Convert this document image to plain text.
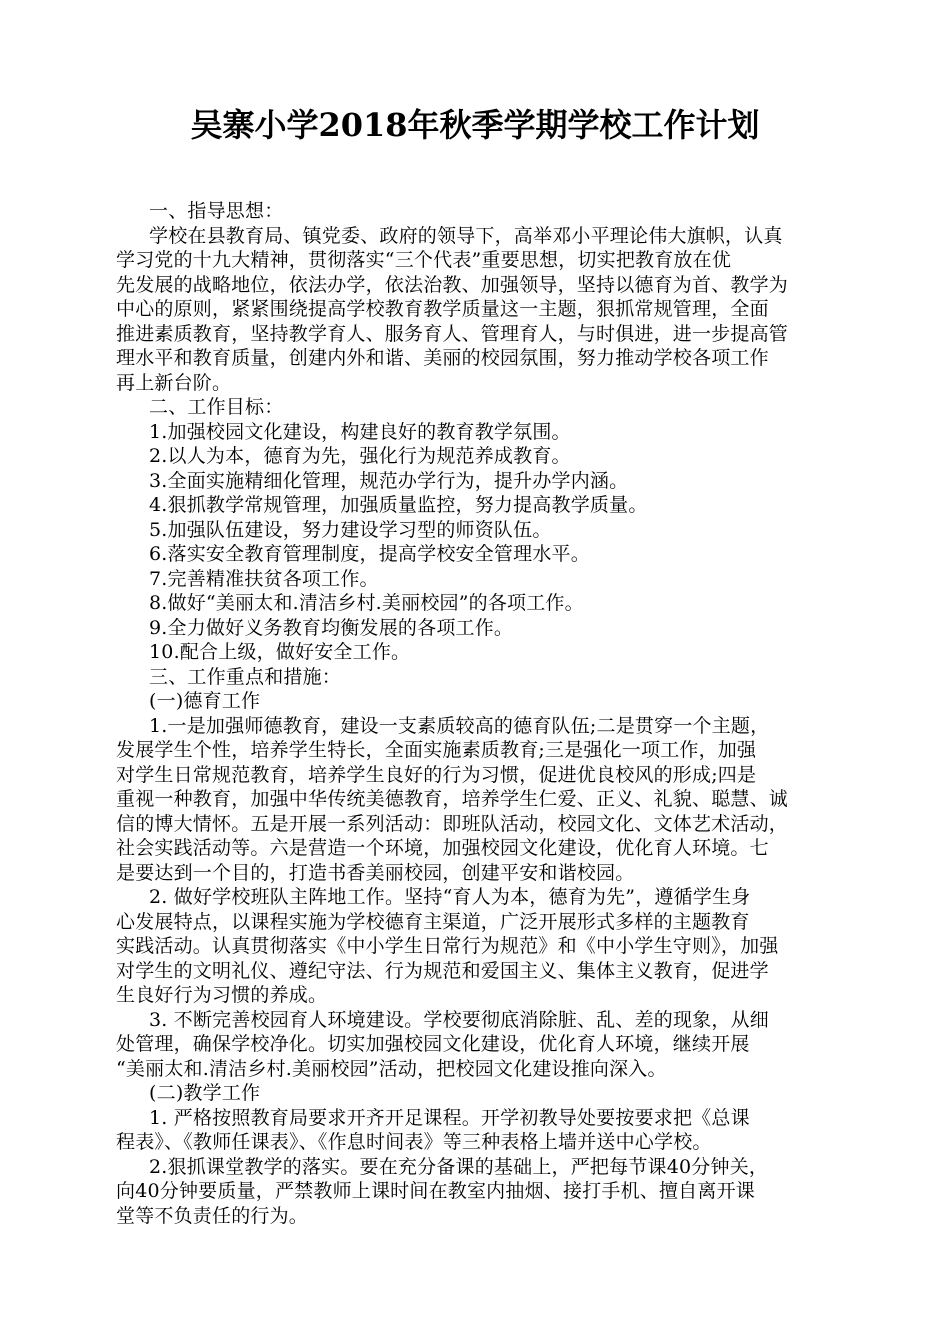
吴寨小学2018年秋季学期学校工作计划
一、指导思想：
学校在县教育局、镇党委、政府的领导下，高举邓小平理论伟大旗帜，认真
学习党的十九大精神，贯彻落实“三个代表”重要思想，切实把教育放在优
先发展的战略地位，依法办学，依法治教、加强领导，坚持以德育为首、教学为
中心的原则，紧紧围绕提高学校教育教学质量这一主题，狠抓常规管理，全面
推进素质教育，坚持教学育人、服务育人、管理育人，与时俱进，进一步提高管
理水平和教育质量，创建内外和谐、美丽的校园氛围，努力推动学校各项工作
再上新台阶。
二、工作目标：
1.加强校园文化建设，构建良好的教育教学氛围。
2.以人为本，德育为先，强化行为规范养成教育。
3.全面实施精细化管理，规范办学行为，提升办学内涵。
4.狠抓教学常规管理，加强质量监控，努力提高教学质量。
5.加强队伍建设，努力建设学习型的师资队伍。
6.落实安全教育管理制度，提高学校安全管理水平。
7.完善精准扶贫各项工作。
8.做好“美丽太和.清洁乡村.美丽校园”的各项工作。
9.全力做好义务教育均衡发展的各项工作。
10.配合上级，做好安全工作。
三、工作重点和措施：
(一)德育工作
1.一是加强师德教育，建设一支素质较高的德育队伍;二是贯穿一个主题，
发展学生个性，培养学生特长，全面实施素质教育;三是强化一项工作，加强
对学生日常规范教育，培养学生良好的行为习惯，促进优良校风的形成;四是
重视一种教育，加强中华传统美德教育，培养学生仁爱、正义、礼貌、聪慧、诚
信的博大情怀。五是开展一系列活动：即班队活动，校园文化、文体艺术活动，
社会实践活动等。六是营造一个环境，加强校园文化建设，优化育人环境。七
是要达到一个目的，打造书香美丽校园，创建平安和谐校园。
2. 做好学校班队主阵地工作。坚持“育人为本，德育为先”，遵循学生身
心发展特点，以课程实施为学校德育主渠道，广泛开展形式多样的主题教育
实践活动。认真贯彻落实《中小学生日常行为规范》和《中小学生守则》，加强
对学生的文明礼仪、遵纪守法、行为规范和爱国主义、集体主义教育，促进学
生良好行为习惯的养成。
3. 不断完善校园育人环境建设。学校要彻底消除脏、乱、差的现象，从细
处管理，确保学校净化。切实加强校园文化建设，优化育人环境，继续开展
“美丽太和.清洁乡村.美丽校园”活动，把校园文化建设推向深入。
(二)教学工作
1. 严格按照教育局要求开齐开足课程。开学初教导处要按要求把《总课
程表》、《教师任课表》、《作息时间表》等三种表格上墙并送中心学校。
2.狠抓课堂教学的落实。要在充分备课的基础上，严把每节课40分钟关，
向40分钟要质量，严禁教师上课时间在教室内抽烟、接打手机、擅自离开课
堂等不负责任的行为。
